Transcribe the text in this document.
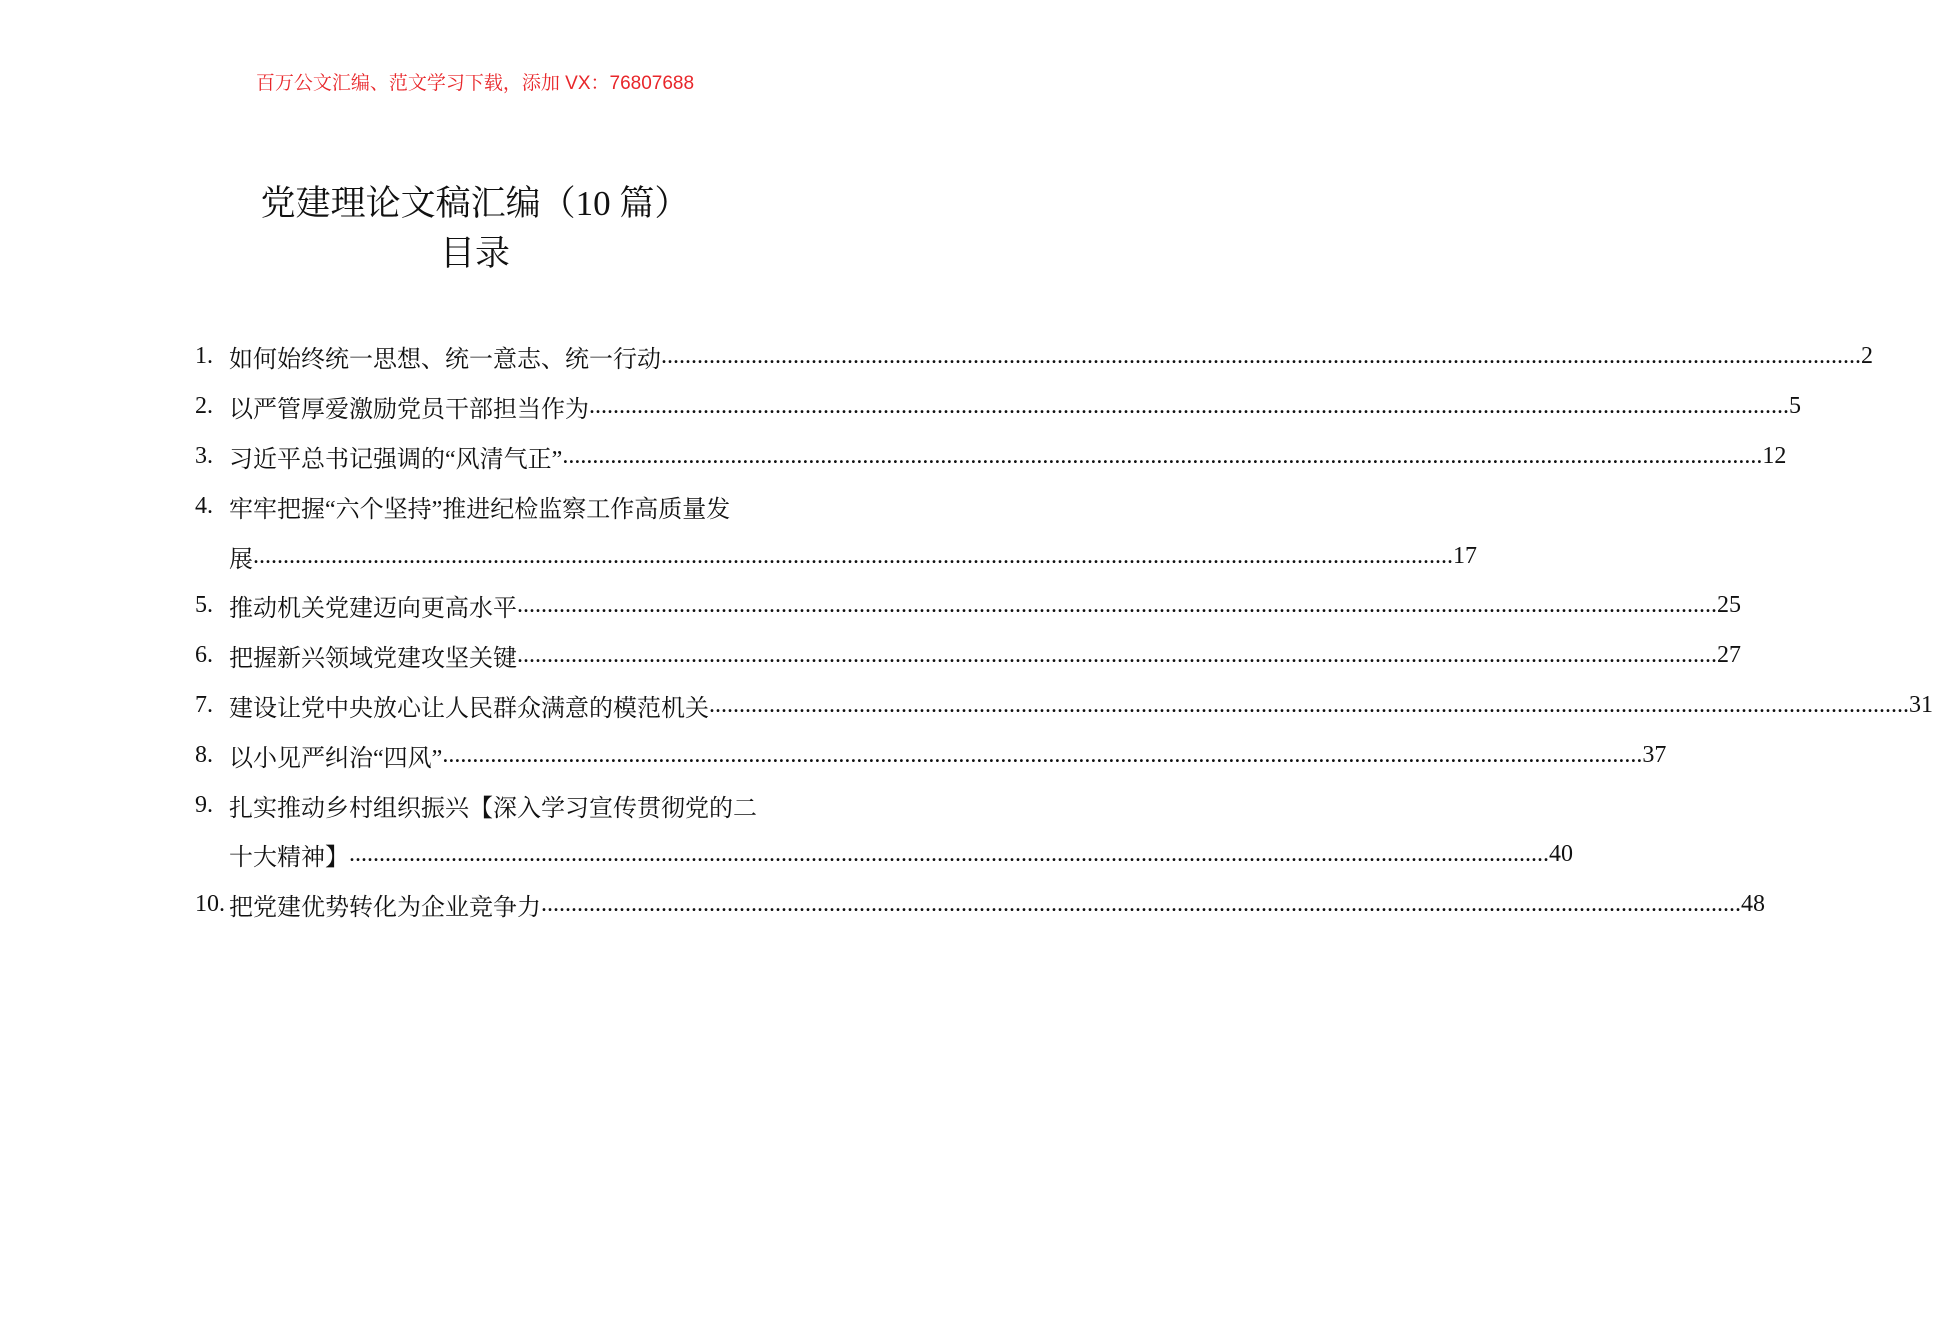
百万公文汇编、范文学习下载，添加 VX：76807688
党建理论文稿汇编（10 篇）
目录
1. 如何始终统一思想、统一意志、统一行动 ........................................................................................................................................................................................................ 2
2. 以严管厚爱激励党员干部担当作为 ........................................................................................................................................................................................................ 5
3. 习近平总书记强调的“风清气正” ........................................................................................................................................................................................................ 12
4. 牢牢把握“六个坚持”推进纪检监察工作高质量发
展 ........................................................................................................................................................................................................ 17
5. 推动机关党建迈向更高水平 ........................................................................................................................................................................................................ 25
6. 把握新兴领域党建攻坚关键 ........................................................................................................................................................................................................ 27
7. 建设让党中央放心让人民群众满意的模范机关 ........................................................................................................................................................................................................ 31
8. 以小见严纠治“四风” ........................................................................................................................................................................................................ 37
9. 扎实推动乡村组织振兴【深入学习宣传贯彻党的二
十大精神】 ........................................................................................................................................................................................................ 40
10. 把党建优势转化为企业竞争力 ........................................................................................................................................................................................................ 48
